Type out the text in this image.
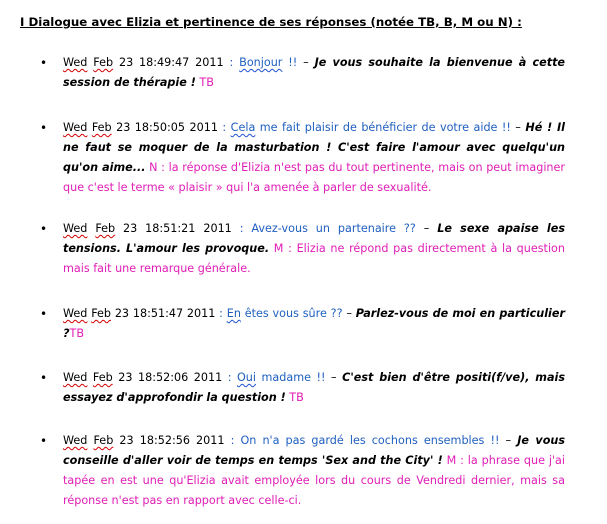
I Dialogue avec Elizia et pertinence de ses réponses (notée TB, B, M ou N) :
• Wed Feb 23 18:49:47 2011 : Bonjour !! – Je vous souhaite la bienvenue à cette session de thérapie ! TB
• Wed Feb 23 18:50:05 2011 : Cela me fait plaisir de bénéficier de votre aide !! – Hé ! Il ne faut se moquer de la masturbation ! C'est faire l'amour avec quelqu'un qu'on aime... N : la réponse d'Elizia n'est pas du tout pertinente, mais on peut imaginer que c'est le terme « plaisir » qui l'a amenée à parler de sexualité.
• Wed Feb 23 18:51:21 2011 : Avez-vous un partenaire ?? – Le sexe apaise les tensions. L'amour les provoque. M : Elizia ne répond pas directement à la question mais fait une remarque générale.
• Wed Feb 23 18:51:47 2011 : En êtes vous sûre ?? – Parlez-vous de moi en particulier ?TB
• Wed Feb 23 18:52:06 2011 : Oui madame !! – C'est bien d'être positi(f/ve), mais essayez d'approfondir la question ! TB
• Wed Feb 23 18:52:56 2011 : On n'a pas gardé les cochons ensembles !! – Je vous conseille d'aller voir de temps en temps 'Sex and the City' ! M : la phrase que j'ai tapée en est une qu'Elizia avait employée lors du cours de Vendredi dernier, mais sa réponse n'est pas en rapport avec celle-ci.
